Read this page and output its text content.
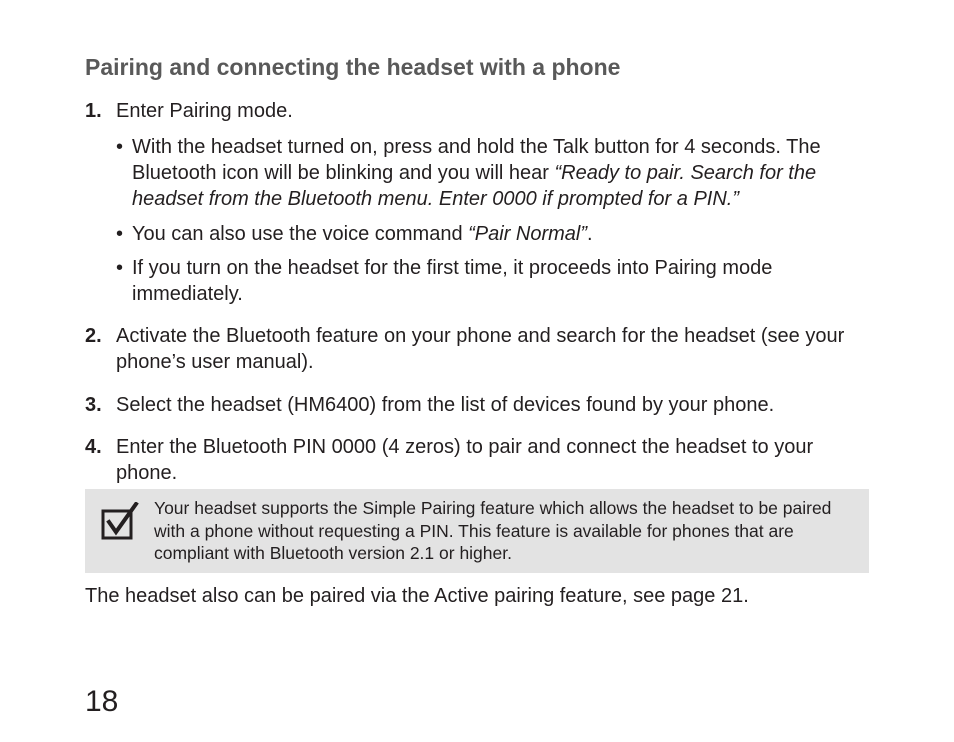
Pairing and connecting the headset with a phone
1. Enter Pairing mode.
• With the headset turned on, press and hold the Talk button for 4 seconds. The Bluetooth icon will be blinking and you will hear “Ready to pair. Search for the headset from the Bluetooth menu. Enter 0000 if prompted for a PIN.”
• You can also use the voice command “Pair Normal”.
• If you turn on the headset for the first time, it proceeds into Pairing mode immediately.
2. Activate the Bluetooth feature on your phone and search for the headset (see your phone’s user manual).
3. Select the headset (HM6400) from the list of devices found by your phone.
4. Enter the Bluetooth PIN 0000 (4 zeros) to pair and connect the headset to your phone.
Your headset supports the Simple Pairing feature which allows the headset to be paired with a phone without requesting a PIN. This feature is available for phones that are compliant with Bluetooth version 2.1 or higher.
The headset also can be paired via the Active pairing feature, see page 21.
18
